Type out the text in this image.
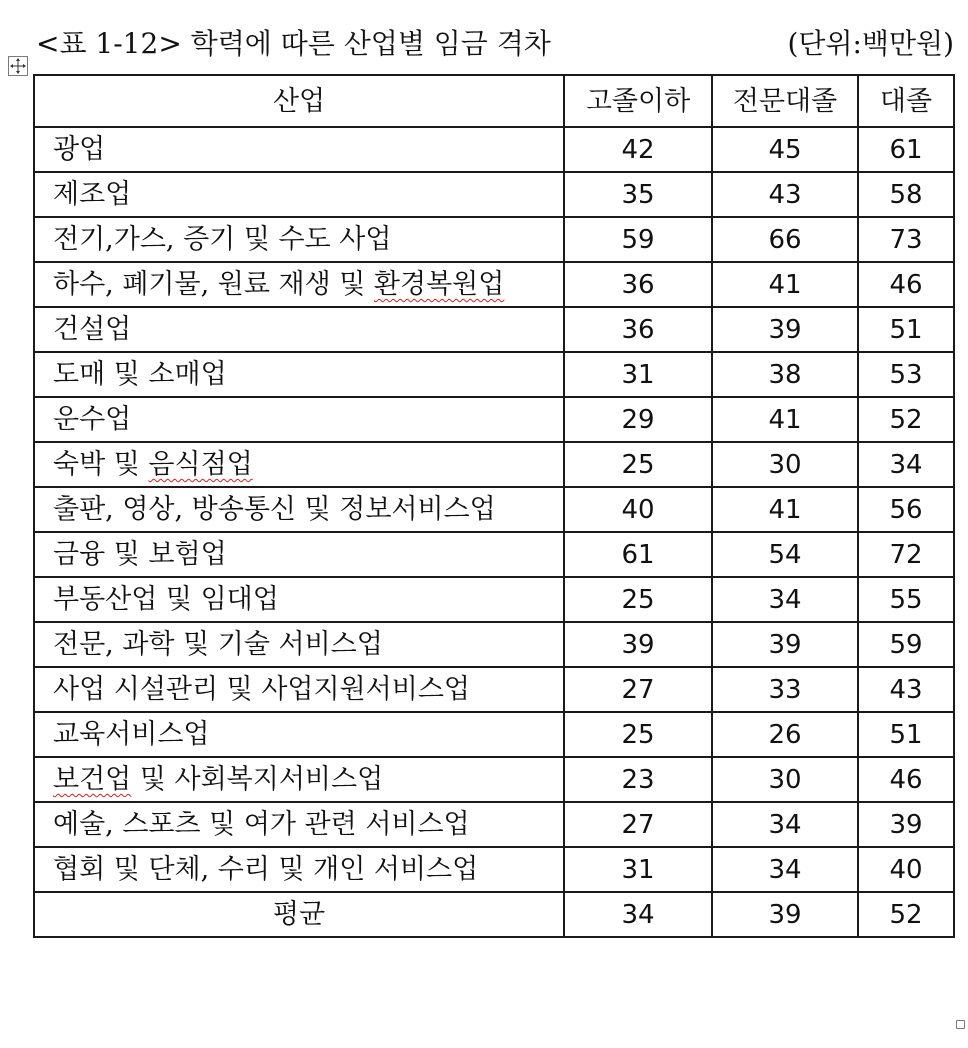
<표 1-12> 학력에 따른 산업별 임금 격차	(단위:백만원)
산업	고졸이하	전문대졸	대졸
광업	42	45	61
제조업	35	43	58
전기,가스, 증기 및 수도 사업	59	66	73
하수, 폐기물, 원료 재생 및 환경복원업	36	41	46
건설업	36	39	51
도매 및 소매업	31	38	53
운수업	29	41	52
숙박 및 음식점업	25	30	34
출판, 영상, 방송통신 및 정보서비스업	40	41	56
금융 및 보험업	61	54	72
부동산업 및 임대업	25	34	55
전문, 과학 및 기술 서비스업	39	39	59
사업 시설관리 및 사업지원서비스업	27	33	43
교육서비스업	25	26	51
보건업 및 사회복지서비스업	23	30	46
예술, 스포츠 및 여가 관련 서비스업	27	34	39
협회 및 단체, 수리 및 개인 서비스업	31	34	40
평균	34	39	52
